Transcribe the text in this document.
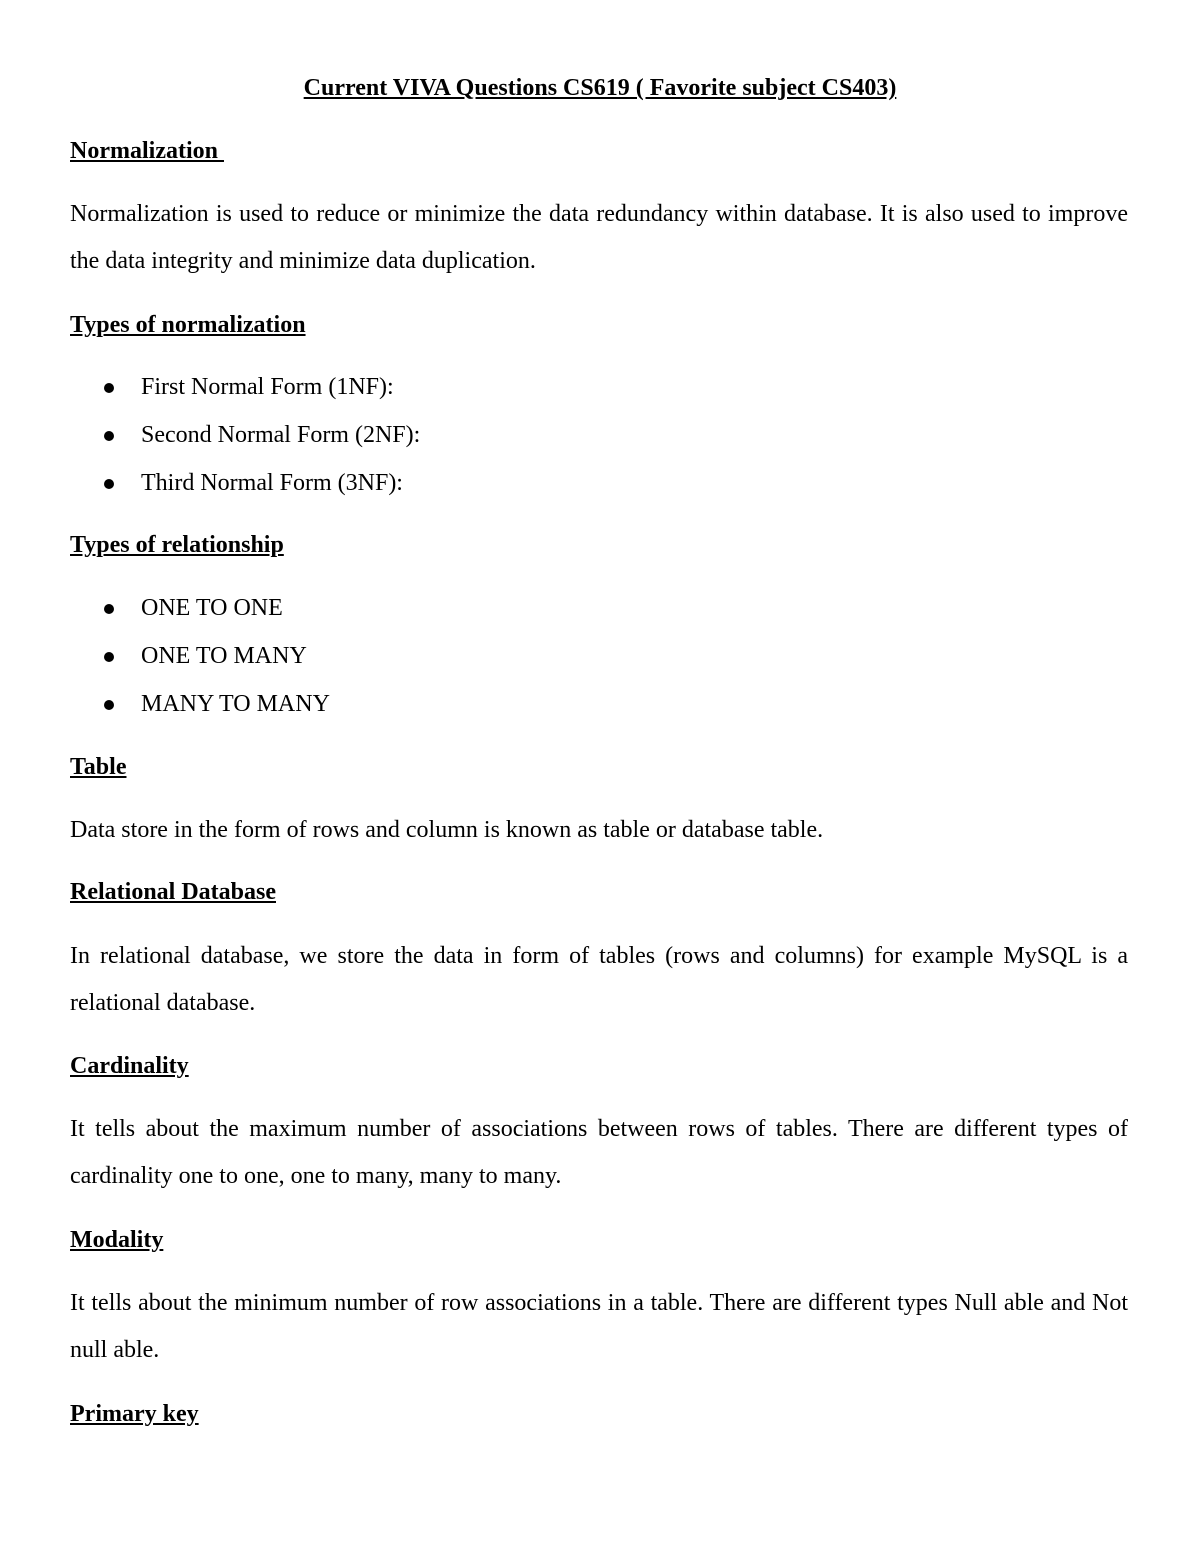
Current VIVA Questions CS619 ( Favorite subject CS403)
Normalization

Normalization is used to reduce or minimize the data redundancy within database. It is also used to improve the data integrity and minimize data duplication.

Types of normalization
First Normal Form (1NF):
Second Normal Form (2NF):
Third Normal Form (3NF):
Types of relationship
ONE TO ONE
ONE TO MANY
MANY TO MANY
Table

Data store in the form of rows and column is known as table or database table.

Relational Database

In relational database, we store the data in form of tables (rows and columns) for example MySQL is a relational database.

Cardinality

It tells about the maximum number of associations between rows of tables. There are different types of cardinality one to one, one to many, many to many.

Modality

It tells about the minimum number of row associations in a table. There are different types Null able and Not null able.

Primary key
